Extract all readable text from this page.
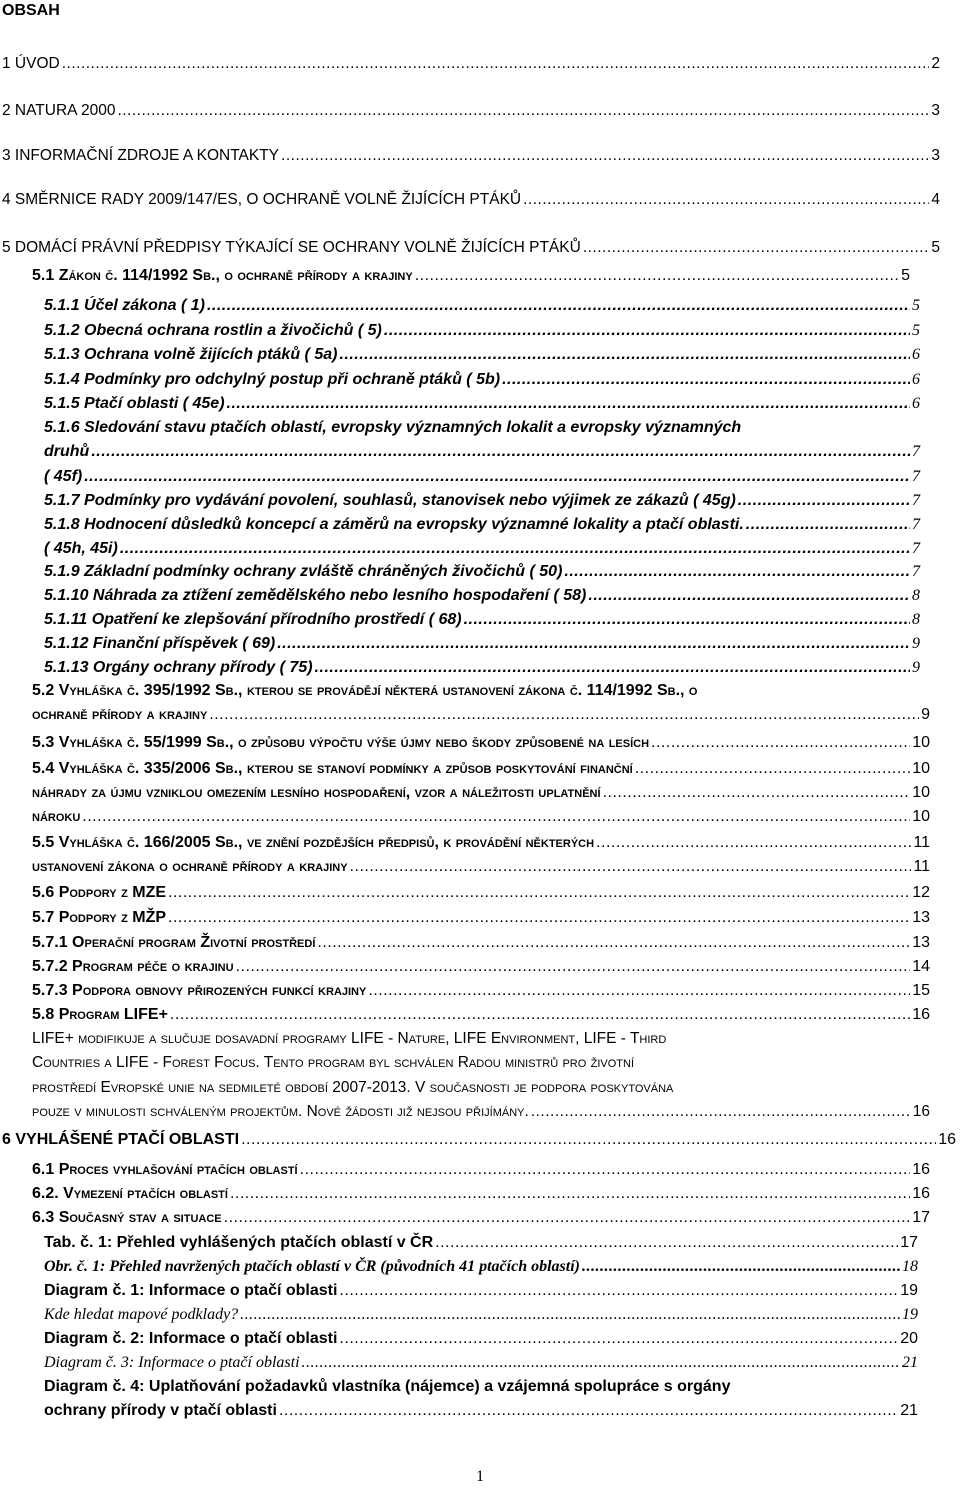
OBSAH
1 ÚVOD .....	2
2 NATURA 2000 .....	3
3 INFORMAČNÍ ZDROJE A KONTAKTY .....	3
4 SMĚRNICE RADY 2009/147/ES, O OCHRANĚ VOLNĚ ŽIJÍCÍCH PTÁKŮ .....	4
5 DOMÁCÍ PRÁVNÍ PŘEDPISY TÝKAJÍCÍ SE OCHRANY VOLNĚ ŽIJÍCÍCH PTÁKŮ .....	5
5.1 Zákon č. 114/1992 Sb., o ochraně přírody a krajiny .....	5
5.1.1 Účel zákona ( 1) .....	5
5.1.2 Obecná ochrana rostlin a živočichů ( 5) .....	5
5.1.3 Ochrana volně žijících ptáků ( 5a) .....	6
5.1.4 Podmínky pro odchylný postup při ochraně ptáků ( 5b) .....	6
5.1.5 Ptačí oblasti ( 45e) .....	6
5.1.6 Sledování stavu ptačích oblastí, evropsky významných lokalit a evropsky významných
druhů .....	7
( 45f) .....	7
5.1.7 Podmínky pro vydávání povolení, souhlasů, stanovisek nebo výjimek ze zákazů ( 45g) .....	7
5.1.8 Hodnocení důsledků koncepcí a záměrů na evropsky významné lokality a ptačí oblasti. .....	7
( 45h, 45i) .....	7
5.1.9 Základní podmínky ochrany zvláště chráněných živočichů ( 50) .....	7
5.1.10 Náhrada za ztížení zemědělského nebo lesního hospodaření ( 58) .....	8
5.1.11 Opatření ke zlepšování přírodního prostředí ( 68) .....	8
5.1.12 Finanční příspěvek ( 69) .....	9
5.1.13 Orgány ochrany přírody ( 75) .....	9
5.2 Vyhláška č. 395/1992 Sb., kterou se provádějí některá ustanovení zákona č. 114/1992 Sb., o
ochraně přírody a krajiny .....	9
5.3 Vyhláška č. 55/1999 Sb., o způsobu výpočtu výše újmy nebo škody způsobené na lesích .....	10
5.4 Vyhláška č. 335/2006 Sb., kterou se stanoví podmínky a způsob poskytování finanční .....	10
náhrady za újmu vzniklou omezením lesního hospodaření, vzor a náležitosti uplatnění .....	10
nároku .....	10
5.5 Vyhláška č. 166/2005 Sb., ve znění pozdějších předpisů, k provádění některých .....	11
ustanovení zákona o ochraně přírody a krajiny .....	11
5.6 Podpory z MZE .....	12
5.7 Podpory z MŽP .....	13
5.7.1 Operační program Životní prostředí .....	13
5.7.2 Program péče o krajinu .....	14
5.7.3 Podpora obnovy přirozených funkcí krajiny .....	15
5.8 Program LIFE+ .....	16
LIFE+ modifikuje a slučuje dosavadní programy LIFE - Nature, LIFE Environment, LIFE - Third
Countries a LIFE - Forest Focus. Tento program byl schválen Radou ministrů pro životní
prostředí Evropské unie na sedmileté období 2007-2013. V současnosti je podpora poskytována
pouze v minulosti schváleným projektům. Nové žádosti již nejsou přijímány. .....	16
6 VYHLÁŠENÉ PTAČÍ OBLASTI .....	16
6.1 Proces vyhlašování ptačích oblastí .....	16
6.2. Vymezení ptačích oblastí .....	16
6.3 Současný stav a situace .....	17
Tab. č. 1: Přehled vyhlášených ptačích oblastí v ČR .....	17
Obr. č. 1: Přehled navržených ptačích oblastí v ČR (původních 41 ptačích oblastí) .....	18
Diagram č. 1: Informace o ptačí oblasti .....	19
Kde hledat mapové podklady? .....	19
Diagram č. 2: Informace o ptačí oblasti .....	20
Diagram č. 3: Informace o ptačí oblasti .....	21
Diagram č. 4: Uplatňování požadavků vlastníka (nájemce) a vzájemná spolupráce s orgány
ochrany přírody v ptačí oblasti .....	21
1
